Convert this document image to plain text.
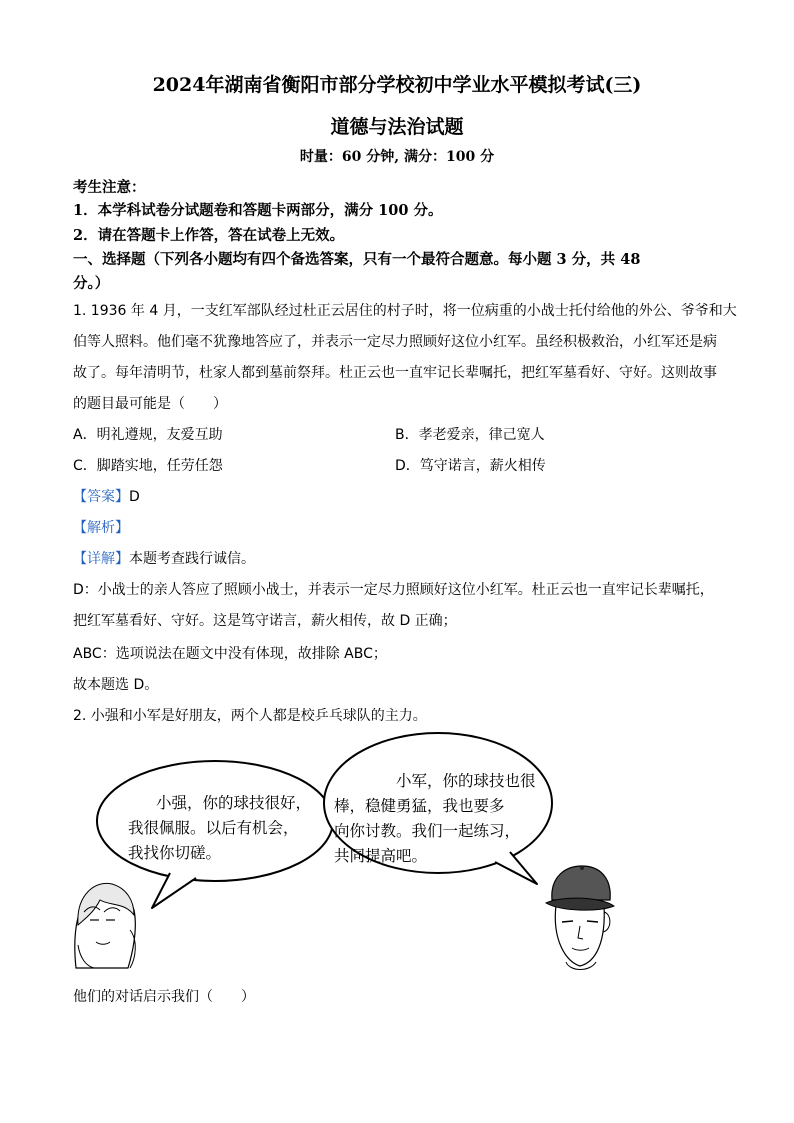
2024年湖南省衡阳市部分学校初中学业水平模拟考试(三)
道德与法治试题
时量：60 分钟, 满分：100 分
考生注意：
1．本学科试卷分试题卷和答题卡两部分，满分 100 分。
2．请在答题卡上作答，答在试卷上无效。
一、选择题（下列各小题均有四个备选答案，只有一个最符合题意。每小题 3 分，共 48
分。）
1. 1936 年 4 月，一支红军部队经过杜正云居住的村子时，将一位病重的小战士托付给他的外公、爷爷和大
伯等人照料。他们毫不犹豫地答应了，并表示一定尽力照顾好这位小红军。虽经积极救治，小红军还是病
故了。每年清明节，杜家人都到墓前祭拜。杜正云也一直牢记长辈嘱托，把红军墓看好、守好。这则故事
的题目最可能是（　　）
A．明礼遵规，友爱互助	B．孝老爱亲，律己宽人
C．脚踏实地，任劳任怨	D．笃守诺言，薪火相传
【答案】D
【解析】
【详解】本题考查践行诚信。
D：小战士的亲人答应了照顾小战士，并表示一定尽力照顾好这位小红军。杜正云也一直牢记长辈嘱托，
把红军墓看好、守好。这是笃守诺言，薪火相传，故 D 正确；
ABC：选项说法在题文中没有体现，故排除 ABC；
故本题选 D。
2. 小强和小军是好朋友，两个人都是校乒乓球队的主力。
小强，你的球技很好，
我很佩服。以后有机会，
我找你切磋。
小军，你的球技也很
棒，稳健勇猛，我也要多
向你讨教。我们一起练习，
共同提高吧。
他们的对话启示我们（　　）
